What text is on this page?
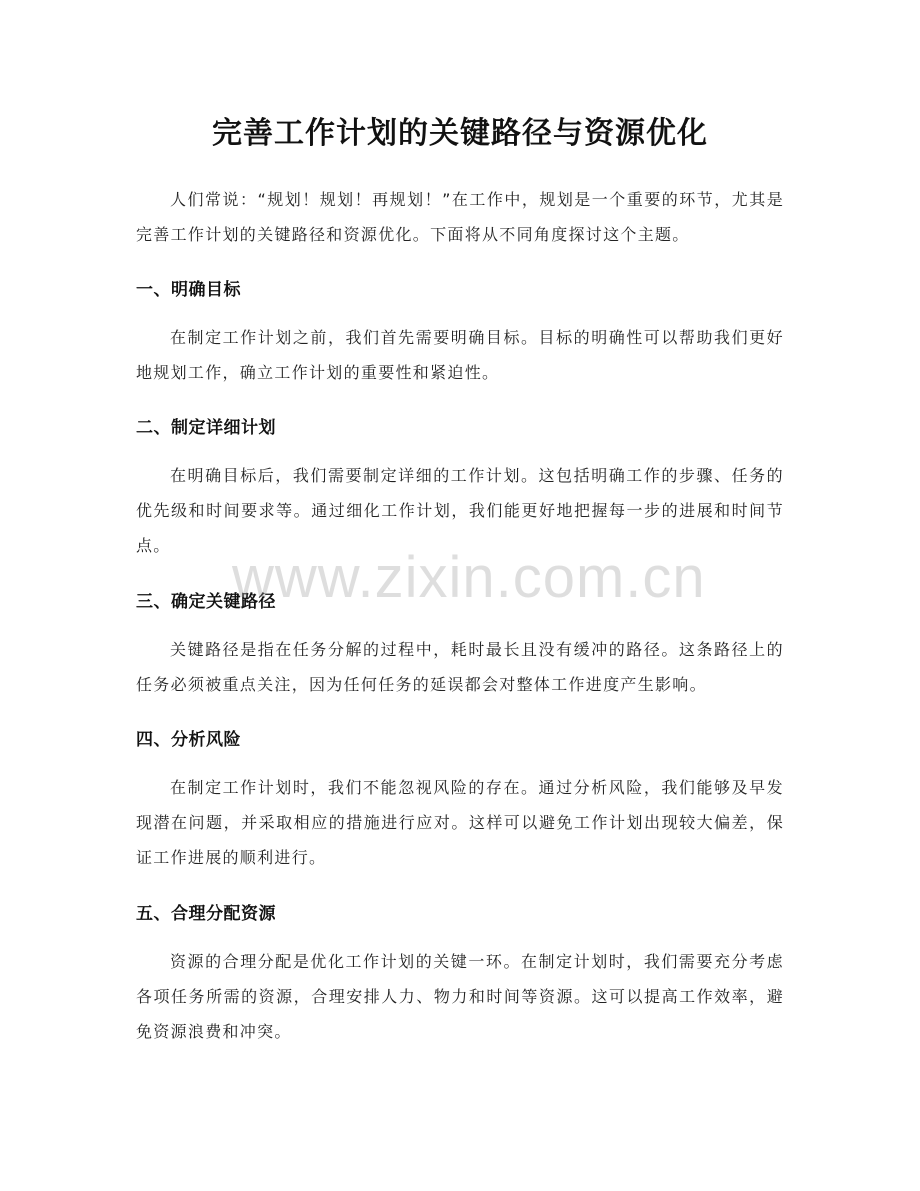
完善工作计划的关键路径与资源优化

人们常说：“规划！规划！再规划！”在工作中，规划是一个重要的环节，尤其是完善工作计划的关键路径和资源优化。下面将从不同角度探讨这个主题。

一、明确目标

在制定工作计划之前，我们首先需要明确目标。目标的明确性可以帮助我们更好地规划工作，确立工作计划的重要性和紧迫性。

二、制定详细计划

在明确目标后，我们需要制定详细的工作计划。这包括明确工作的步骤、任务的优先级和时间要求等。通过细化工作计划，我们能更好地把握每一步的进展和时间节点。

三、确定关键路径

关键路径是指在任务分解的过程中，耗时最长且没有缓冲的路径。这条路径上的任务必须被重点关注，因为任何任务的延误都会对整体工作进度产生影响。

四、分析风险

在制定工作计划时，我们不能忽视风险的存在。通过分析风险，我们能够及早发现潜在问题，并采取相应的措施进行应对。这样可以避免工作计划出现较大偏差，保证工作进展的顺利进行。

五、合理分配资源

资源的合理分配是优化工作计划的关键一环。在制定计划时，我们需要充分考虑各项任务所需的资源，合理安排人力、物力和时间等资源。这可以提高工作效率，避免资源浪费和冲突。

www.zixin.com.cn
